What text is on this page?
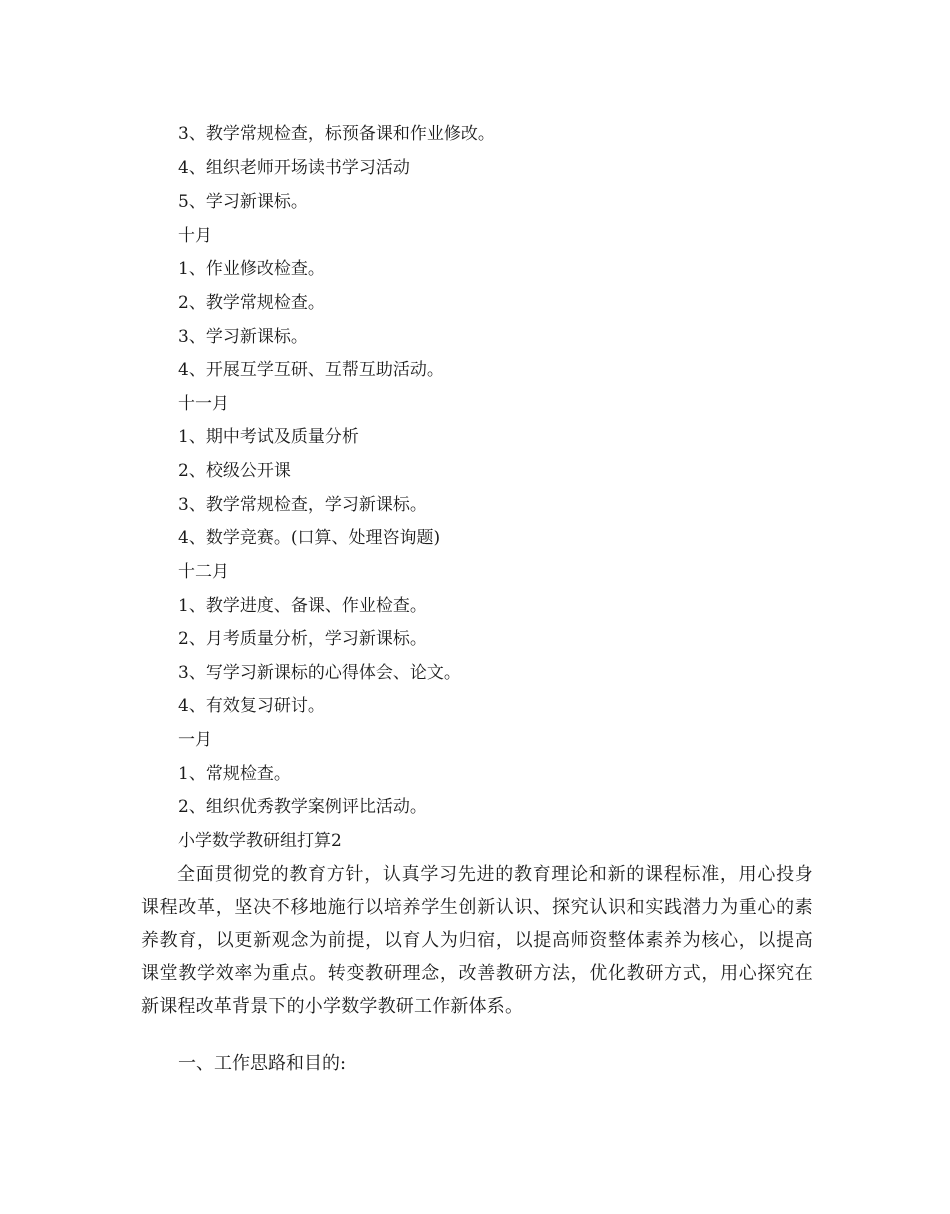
3、教学常规检查，标预备课和作业修改。
4、组织老师开场读书学习活动
5、学习新课标。
十月
1、作业修改检查。
2、教学常规检查。
3、学习新课标。
4、开展互学互研、互帮互助活动。
十一月
1、期中考试及质量分析
2、校级公开课
3、教学常规检查，学习新课标。
4、数学竞赛。(口算、处理咨询题)
十二月
1、教学进度、备课、作业检查。
2、月考质量分析，学习新课标。
3、写学习新课标的心得体会、论文。
4、有效复习研讨。
一月
1、常规检查。
2、组织优秀教学案例评比活动。
小学数学教研组打算2

全面贯彻党的教育方针，认真学习先进的教育理论和新的课程标准，用心投身课程改革，坚决不移地施行以培养学生创新认识、探究认识和实践潜力为重心的素养教育，以更新观念为前提，以育人为归宿，以提高师资整体素养为核心，以提高课堂教学效率为重点。转变教研理念，改善教研方法，优化教研方式，用心探究在新课程改革背景下的小学数学教研工作新体系。

一、工作思路和目的:
